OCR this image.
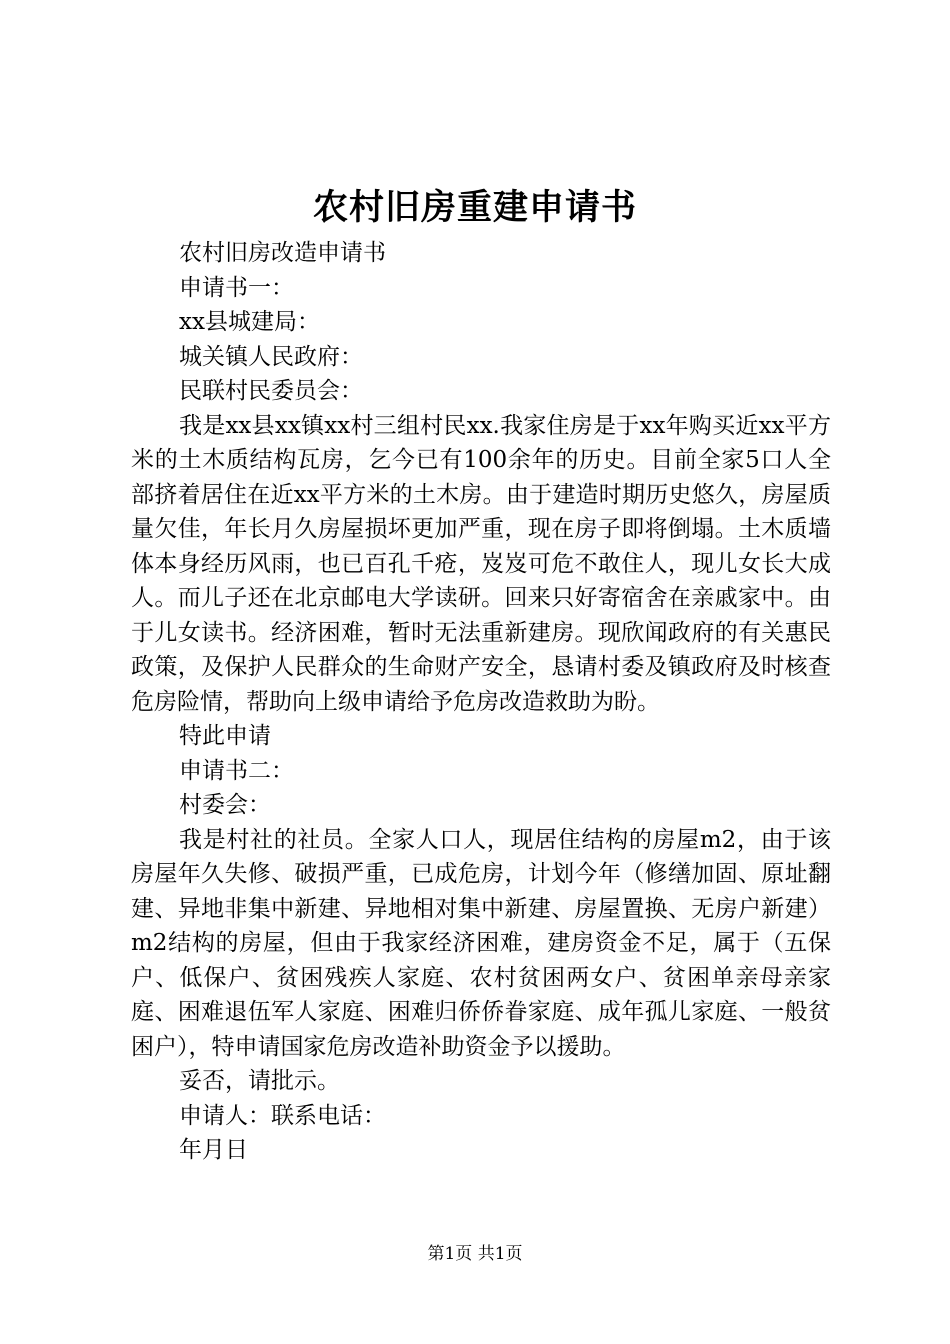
农村旧房重建申请书

农村旧房改造申请书

申请书一：

xx县城建局：

城关镇人民政府：

民联村民委员会：

我是xx县xx镇xx村三组村民xx.我家住房是于xx年购买近xx平方米的土木质结构瓦房，乞今已有100余年的历史。目前全家5口人全部挤着居住在近xx平方米的土木房。由于建造时期历史悠久，房屋质量欠佳，年长月久房屋损坏更加严重，现在房子即将倒塌。土木质墙体本身经历风雨，也已百孔千疮，岌岌可危不敢住人，现儿女长大成人。而儿子还在北京邮电大学读研。回来只好寄宿舍在亲戚家中。由于儿女读书。经济困难，暂时无法重新建房。现欣闻政府的有关惠民政策，及保护人民群众的生命财产安全，恳请村委及镇政府及时核查危房险情，帮助向上级申请给予危房改造救助为盼。

特此申请

申请书二：

村委会：

我是村社的社员。全家人口人，现居住结构的房屋m2，由于该房屋年久失修、破损严重，已成危房，计划今年（修缮加固、原址翻建、异地非集中新建、异地相对集中新建、房屋置换、无房户新建）m2结构的房屋，但由于我家经济困难，建房资金不足，属于（五保户、低保户、贫困残疾人家庭、农村贫困两女户、贫困单亲母亲家庭、困难退伍军人家庭、困难归侨侨眷家庭、成年孤儿家庭、一般贫困户），特申请国家危房改造补助资金予以援助。

妥否，请批示。

申请人：联系电话：

年月日

第1页 共1页
